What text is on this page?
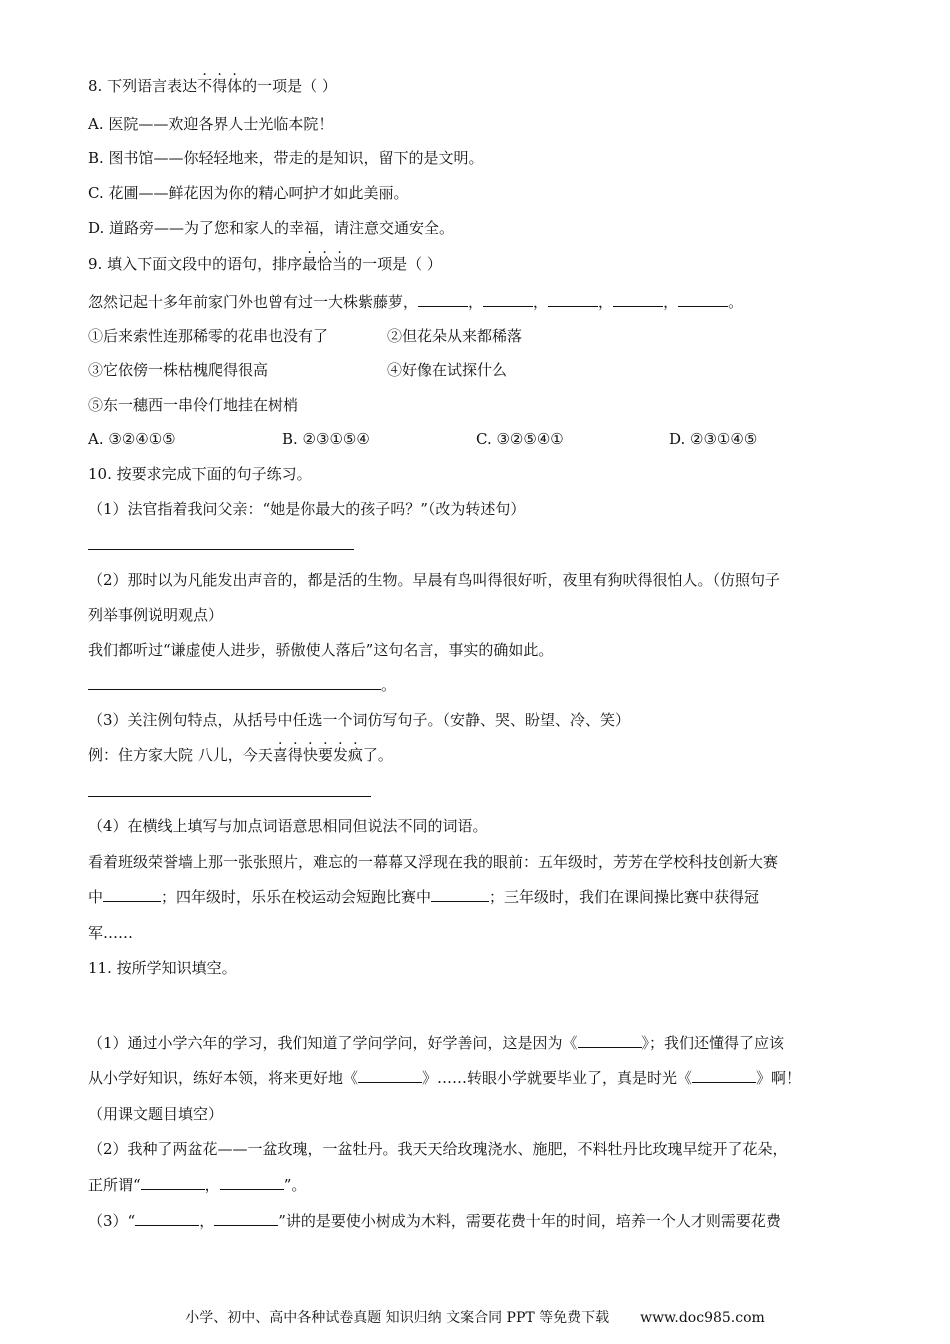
8. 下列语言表达不得体的一项是（ ）
A. 医院——欢迎各界人士光临本院！
B. 图书馆——你轻轻地来，带走的是知识，留下的是文明。
C. 花圃——鲜花因为你的精心呵护才如此美丽。
D. 道路旁——为了您和家人的幸福，请注意交通安全。
9. 填入下面文段中的语句，排序最恰当的一项是（ ）
忽然记起十多年前家门外也曾有过一大株紫藤萝，	，	，	，	，	。
①后来索性连那稀零的花串也没有了	②但花朵从来都稀落
③它依傍一株枯槐爬得很高	④好像在试探什么
⑤东一穗西一串伶仃地挂在树梢
A. ③②④①⑤	B. ②③①⑤④	C. ③②⑤④①	D. ②③①④⑤
10. 按要求完成下面的句子练习。
（1）法官指着我问父亲：“她是你最大的孩子吗？”（改为转述句）
（2）那时以为凡能发出声音的，都是活的生物。早晨有鸟叫得很好听，夜里有狗吠得很怕人。（仿照句子
列举事例说明观点）
我们都听过“谦虚使人进步，骄傲使人落后”这句名言，事实的确如此。
。
（3）关注例句特点，从括号中任选一个词仿写句子。（安静、哭、盼望、冷、笑）
例：住方家大院 八儿，今天喜得快要发疯了。
（4）在横线上填写与加点词语意思相同但说法不同的词语。
看着班级荣誉墙上那一张张照片，难忘的一幕幕又浮现在我的眼前：五年级时，芳芳在学校科技创新大赛
中	；四年级时，乐乐在校运动会短跑比赛中	；三年级时，我们在课间操比赛中获得冠
军……
11. 按所学知识填空。
（1）通过小学六年的学习，我们知道了学问学问，好学善问，这是因为《	》；我们还懂得了应该
从小学好知识，练好本领，将来更好地《	》……转眼小学就要毕业了，真是时光《	》啊！
（用课文题目填空）
（2）我种了两盆花——一盆玫瑰，一盆牡丹。我天天给玫瑰浇水、施肥，不料牡丹比玫瑰早绽开了花朵，
正所谓“	，	”。
（3）“	，	”讲的是要使小树成为木料，需要花费十年的时间，培养一个人才则需要花费
小学、初中、高中各种试卷真题 知识归纳 文案合同 PPT 等免费下载 www.doc985.com
